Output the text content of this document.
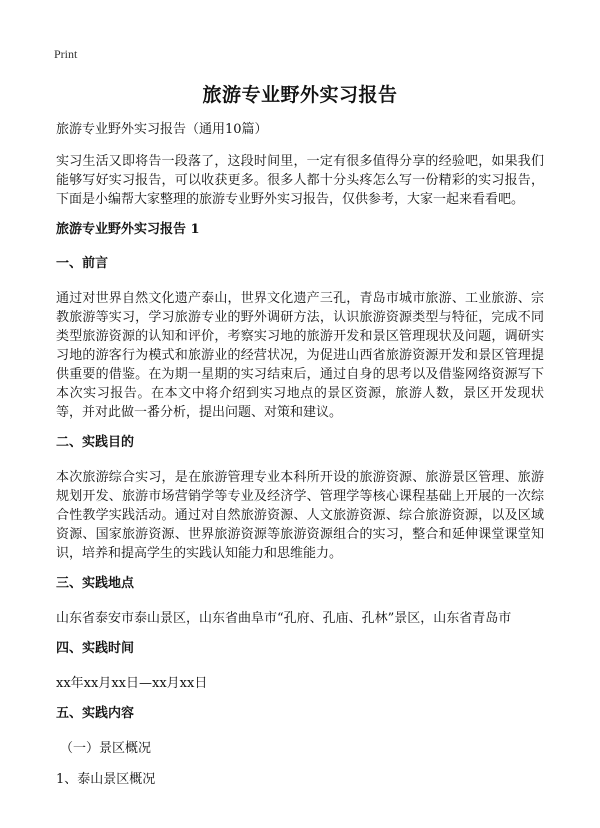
Print
旅游专业野外实习报告

旅游专业野外实习报告（通用10篇）

实习生活又即将告一段落了，这段时间里，一定有很多值得分享的经验吧，如果我们能够写好实习报告，可以收获更多。很多人都十分头疼怎么写一份精彩的实习报告，下面是小编帮大家整理的旅游专业野外实习报告，仅供参考，大家一起来看看吧。

旅游专业野外实习报告 1
一、前言

通过对世界自然文化遗产泰山，世界文化遗产三孔，青岛市城市旅游、工业旅游、宗教旅游等实习，学习旅游专业的野外调研方法，认识旅游资源类型与特征，完成不同类型旅游资源的认知和评价，考察实习地的旅游开发和景区管理现状及问题，调研实习地的游客行为模式和旅游业的经营状况，为促进山西省旅游资源开发和景区管理提供重要的借鉴。在为期一星期的实习结束后，通过自身的思考以及借鉴网络资源写下本次实习报告。在本文中将介绍到实习地点的景区资源，旅游人数，景区开发现状等，并对此做一番分析，提出问题、对策和建议。

二、实践目的

本次旅游综合实习，是在旅游管理专业本科所开设的旅游资源、旅游景区管理、旅游规划开发、旅游市场营销学等专业及经济学、管理学等核心课程基础上开展的一次综合性教学实践活动。通过对自然旅游资源、人文旅游资源、综合旅游资源，以及区域资源、国家旅游资源、世界旅游资源等旅游资源组合的实习，整合和延伸课堂课堂知识，培养和提高学生的实践认知能力和思维能力。

三、实践地点

山东省泰安市泰山景区，山东省曲阜市“孔府、孔庙、孔林”景区，山东省青岛市

四、实践时间

xx年xx月xx日—xx月xx日

五、实践内容

（一）景区概况

1、泰山景区概况
